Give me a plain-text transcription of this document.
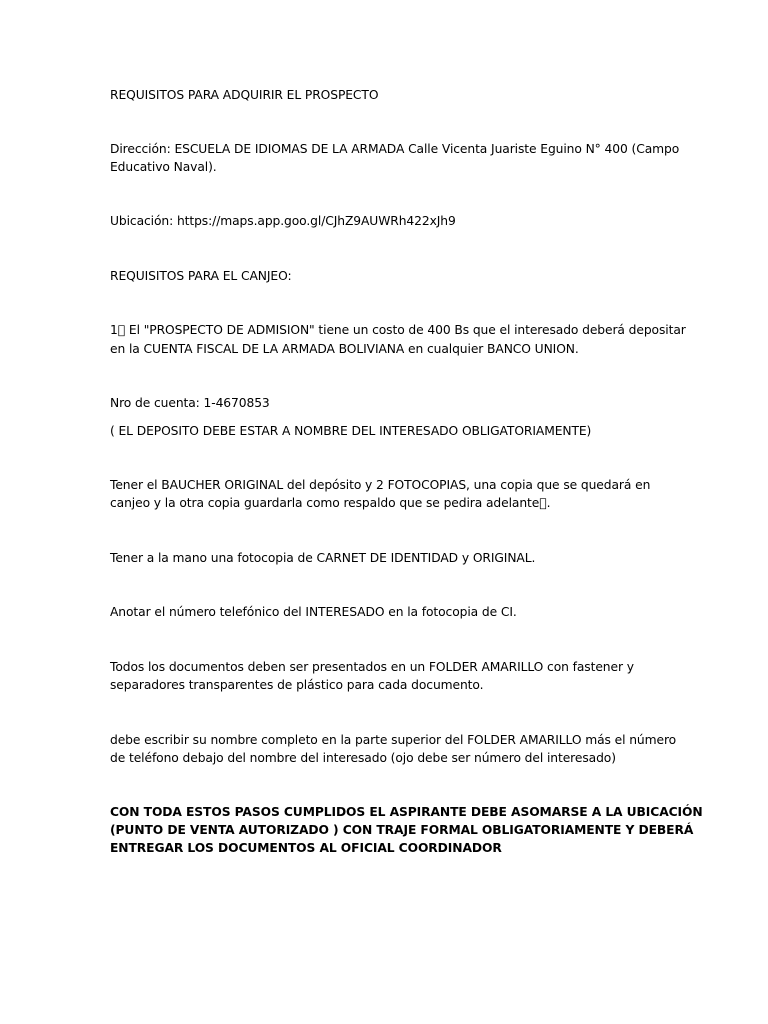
REQUISITOS PARA ADQUIRIR EL PROSPECTO
Dirección: ESCUELA DE IDIOMAS DE LA ARMADA Calle Vicenta Juariste Eguino N° 400 (Campo
Educativo Naval).
Ubicación: https://maps.app.goo.gl/CJhZ9AUWRh422xJh9
REQUISITOS PARA EL CANJEO:
1⃣ El "PROSPECTO DE ADMISION" tiene un costo de 400 Bs que el interesado deberá depositar
en la CUENTA FISCAL DE LA ARMADA BOLIVIANA en cualquier BANCO UNION.
Nro de cuenta: 1-4670853
( EL DEPOSITO DEBE ESTAR A NOMBRE DEL INTERESADO OBLIGATORIAMENTE)
Tener el BAUCHER ORIGINAL del depósito y 2 FOTOCOPIAS, una copia que se quedará en
canjeo y la otra copia guardarla como respaldo que se pedira adelante⃣.
Tener a la mano una fotocopia de CARNET DE IDENTIDAD y ORIGINAL.
Anotar el número telefónico del INTERESADO en la fotocopia de CI.
Todos los documentos deben ser presentados en un FOLDER AMARILLO con fastener y
separadores transparentes de plástico para cada documento.
debe escribir su nombre completo en la parte superior del FOLDER AMARILLO más el número
de teléfono debajo del nombre del interesado (ojo debe ser número del interesado)
CON TODA ESTOS PASOS CUMPLIDOS EL ASPIRANTE DEBE ASOMARSE A LA UBICACIÓN
(PUNTO DE VENTA AUTORIZADO ) CON TRAJE FORMAL OBLIGATORIAMENTE Y DEBERÁ
ENTREGAR LOS DOCUMENTOS AL OFICIAL COORDINADOR
